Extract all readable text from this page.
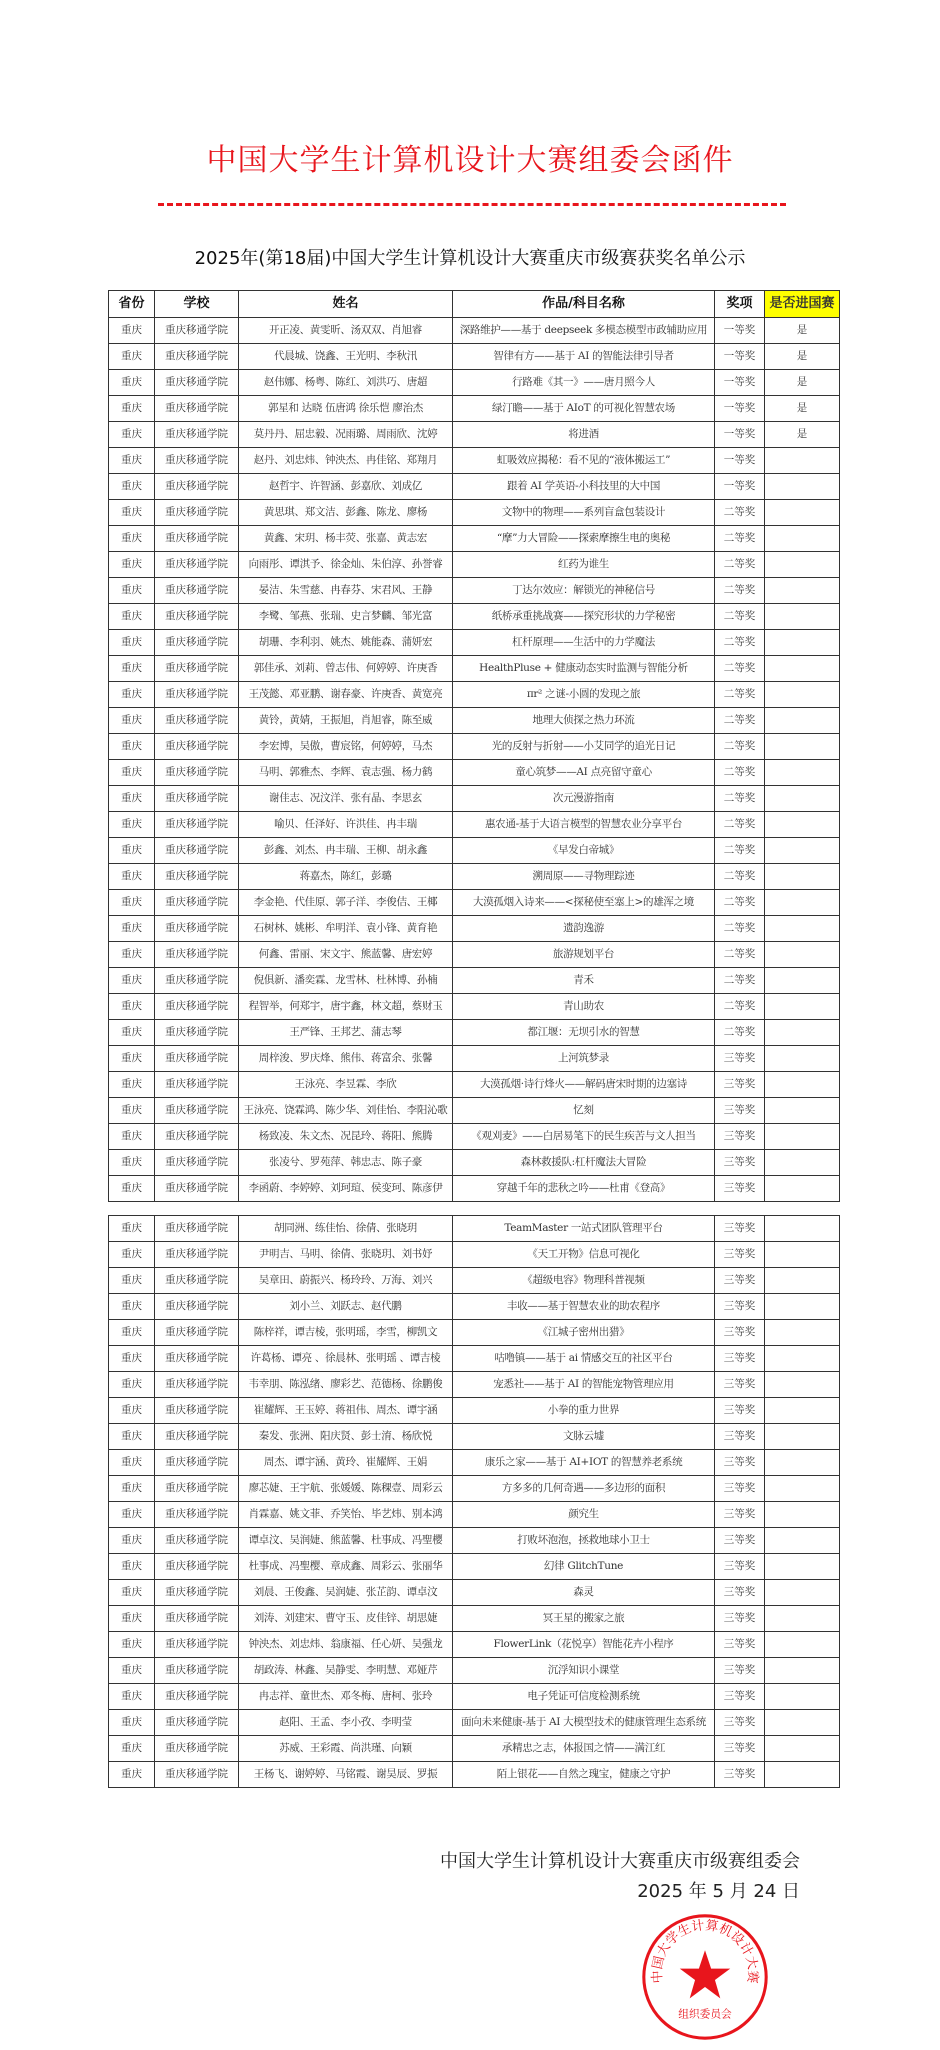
中国大学生计算机设计大赛组委会函件
2025年(第18届)中国大学生计算机设计大赛重庆市级赛获奖名单公示
省份	学校	姓名	作品/科目名称	奖项	是否进国赛
重庆	重庆移通学院	开正凌、黄雯昕、汤双双、肖旭睿	深路维护——基于 deepseek 多模态模型市政辅助应用	一等奖	是
重庆	重庆移通学院	代晨城、饶鑫、王光明、李秋汛	智律有方——基于 AI 的智能法律引导者	一等奖	是
重庆	重庆移通学院	赵伟娜、杨粤、陈红、刘洪巧、唐超	行路难《其一》——唐月照今人	一等奖	是
重庆	重庆移通学院	郭星和 达晓 伍唐鸿 徐乐恺 廖治杰	绿汀瞻——基于 AIoT 的可视化智慧农场	一等奖	是
重庆	重庆移通学院	莫丹丹、屈忠毅、况雨璐、周雨欣、沈婷	将进酒	一等奖	是
重庆	重庆移通学院	赵丹、刘忠炜、钟泱杰、冉佳铭、郑翔月	虹吸效应揭秘：看不见的“液体搬运工”	一等奖	
重庆	重庆移通学院	赵哲宇、许智涵、彭嘉欣、刘成亿	跟着 AI 学英语-小科技里的大中国	一等奖	
重庆	重庆移通学院	黄思琪、郑文洁、彭鑫、陈龙、廖杨	文物中的物理——系列盲盒包装设计	二等奖	
重庆	重庆移通学院	黄鑫、宋玥、杨丰荧、张嘉、黄志宏	“摩”力大冒险——探索摩擦生电的奥秘	二等奖	
重庆	重庆移通学院	向雨彤、谭淇予、徐金灿、朱伯淳、孙誉睿	红药为谁生	二等奖	
重庆	重庆移通学院	晏洁、朱雪慈、冉春芬、宋君风、王静	丁达尔效应：解锁光的神秘信号	二等奖	
重庆	重庆移通学院	李鹭、邹燕、张瑞、史言梦麟、邹光富	纸桥承重挑战赛——探究形状的力学秘密	二等奖	
重庆	重庆移通学院	胡珊、李利羽、姚杰、姚能森、蒲妍宏	杠杆原理——生活中的力学魔法	二等奖	
重庆	重庆移通学院	郭佳承、刘莉、曾志伟、何婷婷、许庚香	HealthPluse + 健康动态实时监测与智能分析	二等奖	
重庆	重庆移通学院	王茂懿、邓亚鹏、谢春豪、许庚香、黄宽亮	πr² 之谜-小圆的发现之旅	二等奖	
重庆	重庆移通学院	黄铃，黄婧，王振旭，肖旭睿，陈至威	地理大侦探之热力环流	二等奖	
重庆	重庆移通学院	李宏博，吴傲，曹宸铭，何婷婷，马杰	光的反射与折射——小艾同学的追光日记	二等奖	
重庆	重庆移通学院	马明、郭雅杰、李辉、袁志强、杨力鹤	童心筑梦——AI 点亮留守童心	二等奖	
重庆	重庆移通学院	谢佳志、况汶洋、张有晶、李思玄	次元漫游指南	二等奖	
重庆	重庆移通学院	喻贝、任泽好、许洪佳、冉丰瑞	惠农通-基于大语言模型的智慧农业分享平台	二等奖	
重庆	重庆移通学院	彭鑫、刘杰、冉丰瑞、王柳、胡永鑫	《早发白帝城》	二等奖	
重庆	重庆移通学院	蒋嘉杰，陈红，彭璐	溯周原——寻物理踪迹	二等奖	
重庆	重庆移通学院	李金艳、代佳原、郭子洋、李俊佶、王椰	大漠孤烟入诗来——<探秘使至塞上>的雄浑之境	二等奖	
重庆	重庆移通学院	石树林、姚彬、牟明洋、袁小锋、黄育艳	遗韵逸游	二等奖	
重庆	重庆移通学院	何鑫、雷丽、宋文宇、熊蓝馨、唐宏婷	旅游规划平台	二等奖	
重庆	重庆移通学院	倪俱新、潘奕霖、龙雪林、杜林博、孙楠	青禾	二等奖	
重庆	重庆移通学院	程智举，何郑宇，唐宇鑫，林文超，蔡财玉	青山助农	二等奖	
重庆	重庆移通学院	王严锋、王邦艺、蒲志琴	都江堰：无坝引水的智慧	二等奖	
重庆	重庆移通学院	周梓浚、罗庆烽、熊伟、蒋富余、张馨	上河筑梦录	三等奖	
重庆	重庆移通学院	王泳亮、李昱霖、李欣	大漠孤烟·诗行烽火——解码唐宋时期的边塞诗	三等奖	
重庆	重庆移通学院	王泳亮、饶霖鸿、陈少华、刘佳怡、李阳沁歌	忆刻	三等奖	
重庆	重庆移通学院	杨致凌、朱文杰、况昆玲、蒋阳、熊腾	《观刈麦》——白居易笔下的民生疾苦与文人担当	三等奖	
重庆	重庆移通学院	张凌兮、罗苑萍、韩忠志、陈子豪	森林救援队:杠杆魔法大冒险	三等奖	
重庆	重庆移通学院	李函蔚、李婷婷、刘珂瑄、侯变珂、陈彦伊	穿越千年的悲秋之吟——杜甫《登高》	三等奖	
重庆	重庆移通学院	胡同洲、练佳怡、徐倩、张晓玥	TeamMaster 一站式团队管理平台	三等奖	
重庆	重庆移通学院	尹明吉、马明、徐倩、张晓玥、刘书妤	《天工开物》信息可视化	三等奖	
重庆	重庆移通学院	吴章田、蔚振兴、杨玲玲、万海、刘兴	《超级电容》物理科普视频	三等奖	
重庆	重庆移通学院	刘小兰、刘跃志、赵代鹏	丰收——基于智慧农业的助农程序	三等奖	
重庆	重庆移通学院	陈梓祥，谭吉棱，张明瑶，李雪，柳凯文	《江城子密州出猎》	三等奖	
重庆	重庆移通学院	许葛杨、谭亮 、徐晨林、张明瑶 、谭吉棱	咕噜镇——基于 ai 情感交互的社区平台	三等奖	
重庆	重庆移通学院	韦幸朋、陈泓绪、廖彩艺、范德杨、徐鹏俊	宠悉社——基于 AI 的智能宠物管理应用	三等奖	
重庆	重庆移通学院	崔耀辉、王玉婷、蒋祖伟、周杰、谭宇涵	小拳的重力世界	三等奖	
重庆	重庆移通学院	秦发、张洲、阳庆贤、彭士淯、杨欣悦	文脉云墟	三等奖	
重庆	重庆移通学院	周杰、谭宇涵、黄玲、崔耀辉、王娟	康乐之家——基于 AI+IOT 的智慧养老系统	三等奖	
重庆	重庆移通学院	廖芯婕、王宇航、张媛媛、陈稞壹、周彩云	方多多的几何奇遇——多边形的面积	三等奖	
重庆	重庆移通学院	肖霖嘉、姚文菲、乔笑怡、毕艺炜、别本鸿	颜究生	三等奖	
重庆	重庆移通学院	谭卓汶、吴润婕、熊蓝馨、杜事成、冯聖樱	打败坏泡泡，拯救地球小卫士	三等奖	
重庆	重庆移通学院	杜事成、冯聖樱、章成鑫、周彩云、张丽华	幻律 GlitchTune	三等奖	
重庆	重庆移通学院	刘晨、王俊鑫、吴润婕、张芷韵、谭卓汶	森灵	三等奖	
重庆	重庆移通学院	刘涛、刘建宋、曹守玉、皮佳锌、胡思婕	冥王星的搬家之旅	三等奖	
重庆	重庆移通学院	钟泱杰、刘忠炜、翁康福、任心妍、吴强龙	FlowerLink（花悦享）智能花卉小程序	三等奖	
重庆	重庆移通学院	胡政涛、林鑫、吴静雯、李明慧、邓娅芹	沉浮知识小课堂	三等奖	
重庆	重庆移通学院	冉志祥、童世杰、邓冬梅、唐柯、张玲	电子凭证可信度检测系统	三等奖	
重庆	重庆移通学院	赵阳、王孟、李小孜、李明莹	面向未来健康-基于 AI 大模型技术的健康管理生态系统	三等奖	
重庆	重庆移通学院	苏威、王彩霞、尚洪瑾、向颖	承精忠之志，体报国之情——满江红	三等奖	
重庆	重庆移通学院	王杨飞、谢婷婷、马铭霞、谢昊辰、罗振	陌上银花——自然之瑰宝，健康之守护	三等奖	
中国大学生计算机设计大赛重庆市级赛组委会
2025 年 5 月 24 日
中国大学生计算机设计大赛
组织委员会
